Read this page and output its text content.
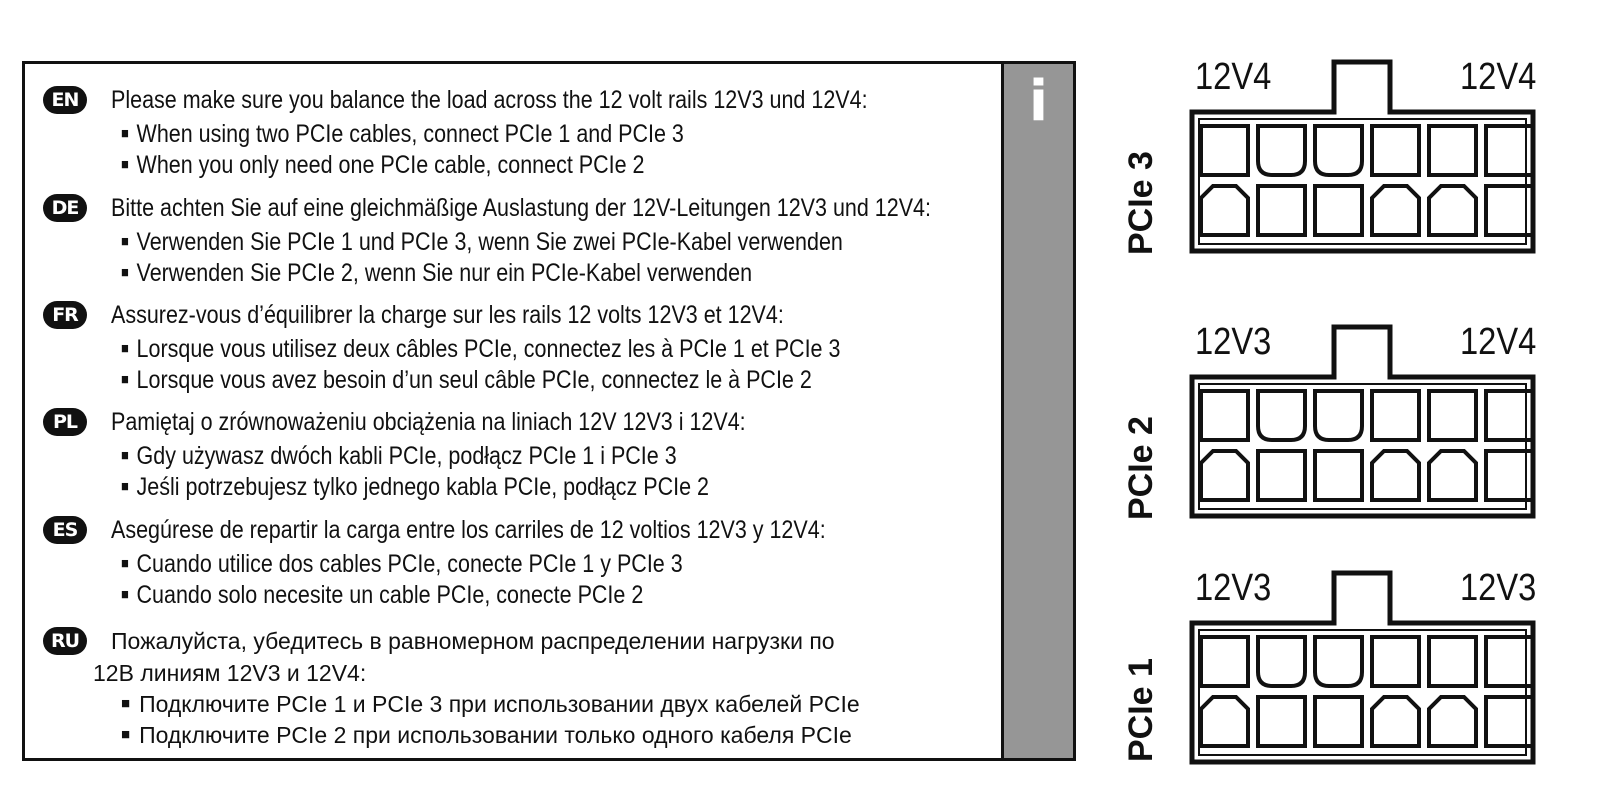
EN	Please make sure you balance the load across the 12 volt rails 12V3 und 12V4:
■ When using two PCIe cables, connect PCIe 1 and PCIe 3
■ When you only need one PCIe cable, connect PCIe 2
DE	Bitte achten Sie auf eine gleichmäßige Auslastung der 12V-Leitungen 12V3 und 12V4:
■ Verwenden Sie PCIe 1 und PCIe 3, wenn Sie zwei PCIe-Kabel verwenden
■ Verwenden Sie PCIe 2, wenn Sie nur ein PCIe-Kabel verwenden
FR	Assurez-vous d’équilibrer la charge sur les rails 12 volts 12V3 et 12V4:
■ Lorsque vous utilisez deux câbles PCIe, connectez les à PCIe 1 et PCIe 3
■ Lorsque vous avez besoin d’un seul câble PCIe, connectez le à PCIe 2
PL	Pamiętaj o zrównoważeniu obciążenia na liniach 12V 12V3 i 12V4:
■ Gdy używasz dwóch kabli PCIe, podłącz PCIe 1 i PCIe 3
■ Jeśli potrzebujesz tylko jednego kabla PCIe, podłącz PCIe 2
ES	Asegúrese de repartir la carga entre los carriles de 12 voltios 12V3 y 12V4:
■ Cuando utilice dos cables PCIe, conecte PCIe 1 y PCIe 3
■ Cuando solo necesite un cable PCIe, conecte PCIe 2
RU	Пожалуйста, убедитесь в равномерном распределении нагрузки по
12В линиям 12V3 и 12V4:
■ Подключите PCIe 1 и PCIe 3 при использовании двух кабелей PCIe
■ Подключите PCIe 2 при использовании только одного кабеля PCIe
i
PCIe 3
12V4	12V4
PCIe 2
12V3	12V4
PCIe 1
12V3	12V3
